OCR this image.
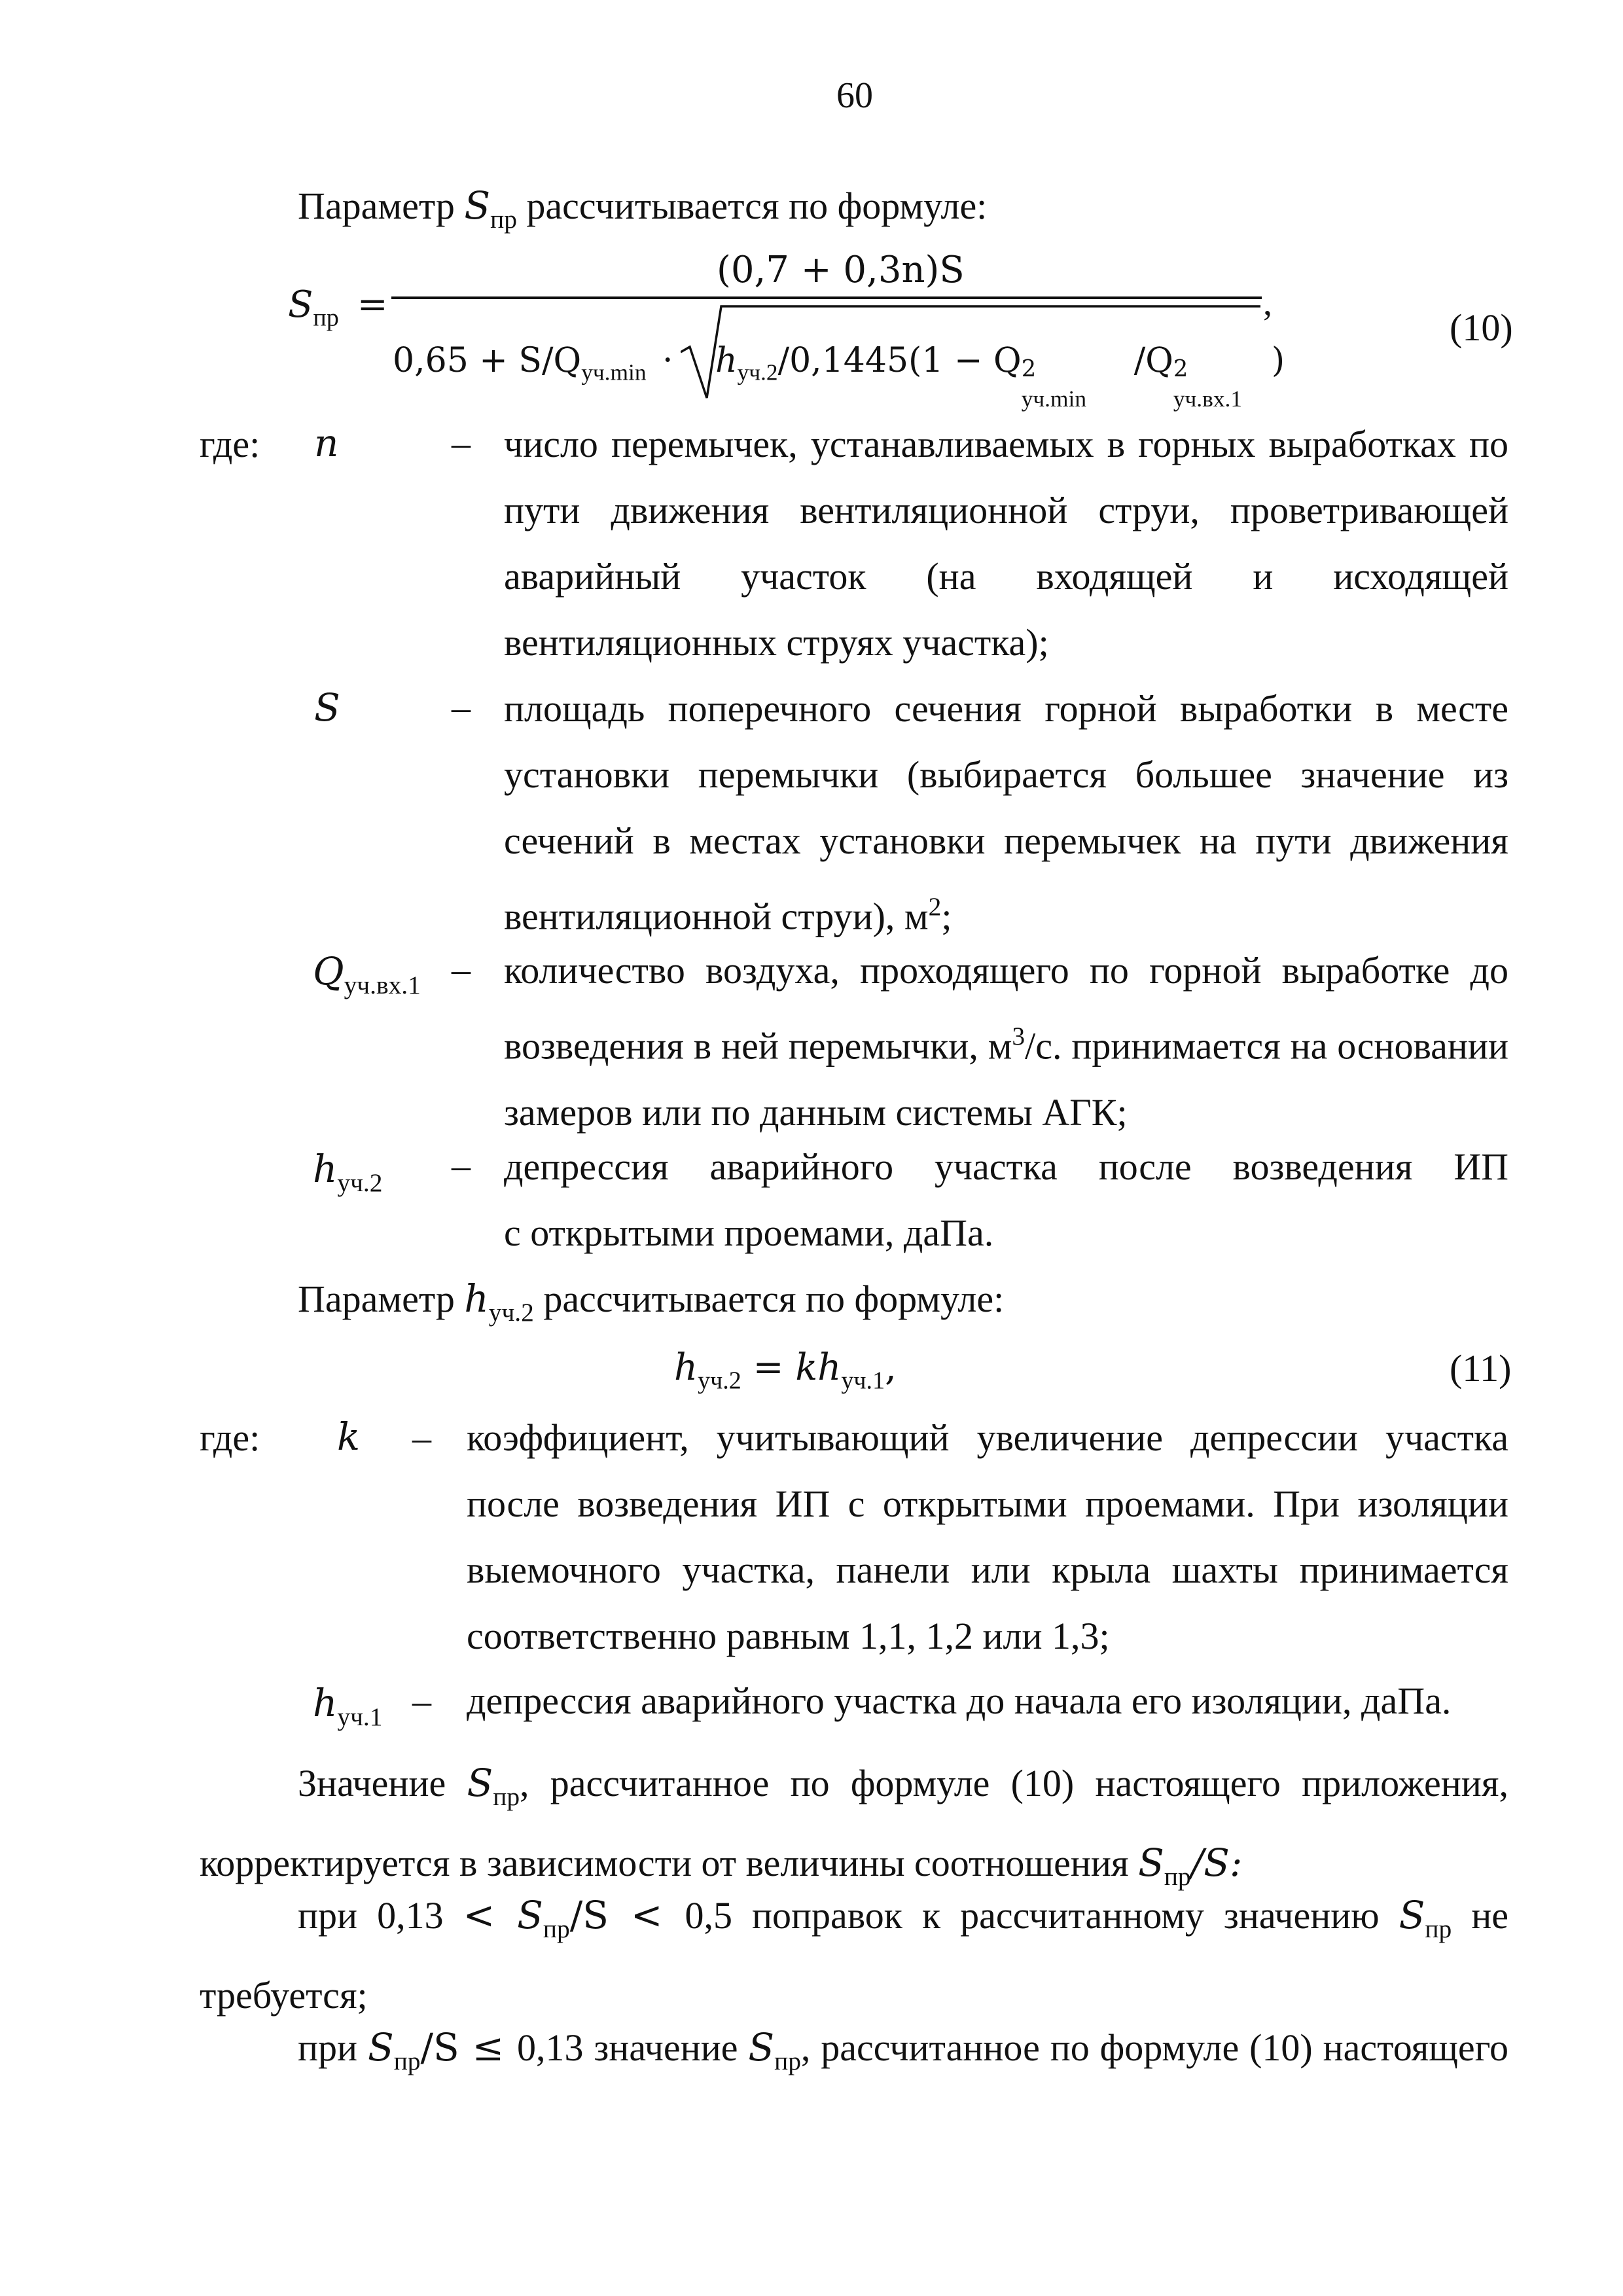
60
Параметр $S_{пр}$ рассчитывается по формуле:
$S_{пр}$ =
(0,7 + 0,3n)S
,
$0,65 + S/Q_{уч.min} \cdot h_{уч.2}/0,1445(1 - Q$ 2
уч.min
/Q 2
уч.вх.1
)
(10)
где: n	– число перемычек, устанавливаемых в горных выработках по
пути движения вентиляционной струи, проветривающей
аварийный участок (на входящей и исходящей
вентиляционных струях участка);
S	– площадь поперечного сечения горной выработки в месте
установки перемычки (выбирается большее значение из
сечений в местах установки перемычек на пути движения
вентиляционной струи), $м^2$;
$Q_{уч.вх.1}$ – количество воздуха, проходящего по горной выработке до
возведения в ней перемычки, $м^3/с$. принимается на основании
замеров или по данным системы АГК;
$h_{уч.2}$ – депрессия аварийного участка после возведения ИП
с открытыми проемами, даПа.
Параметр $h_{уч.2}$ рассчитывается по формуле:
$h_{уч.2} = kh_{уч.1}$,	(11)
где: k – коэффициент, учитывающий увеличение депрессии участка
после возведения ИП с открытыми проемами. При изоляции
выемочного участка, панели или крыла шахты принимается
соответственно равным 1,1, 1,2 или 1,3;
$h_{уч.1}$ – депрессия аварийного участка до начала его изоляции, даПа.
Значение $S_{пр}$, рассчитанное по формуле (10) настоящего приложения,
корректируется в зависимости от величины соотношения $S_{пр}/S$:
при $0,13 < S_{пр}/S < 0,5$ поправок к рассчитанному значению $S_{пр}$ не
требуется;
при $S_{пр}/S \le 0,13$ значение $S_{пр}$, рассчитанное по формуле (10) настоящего
